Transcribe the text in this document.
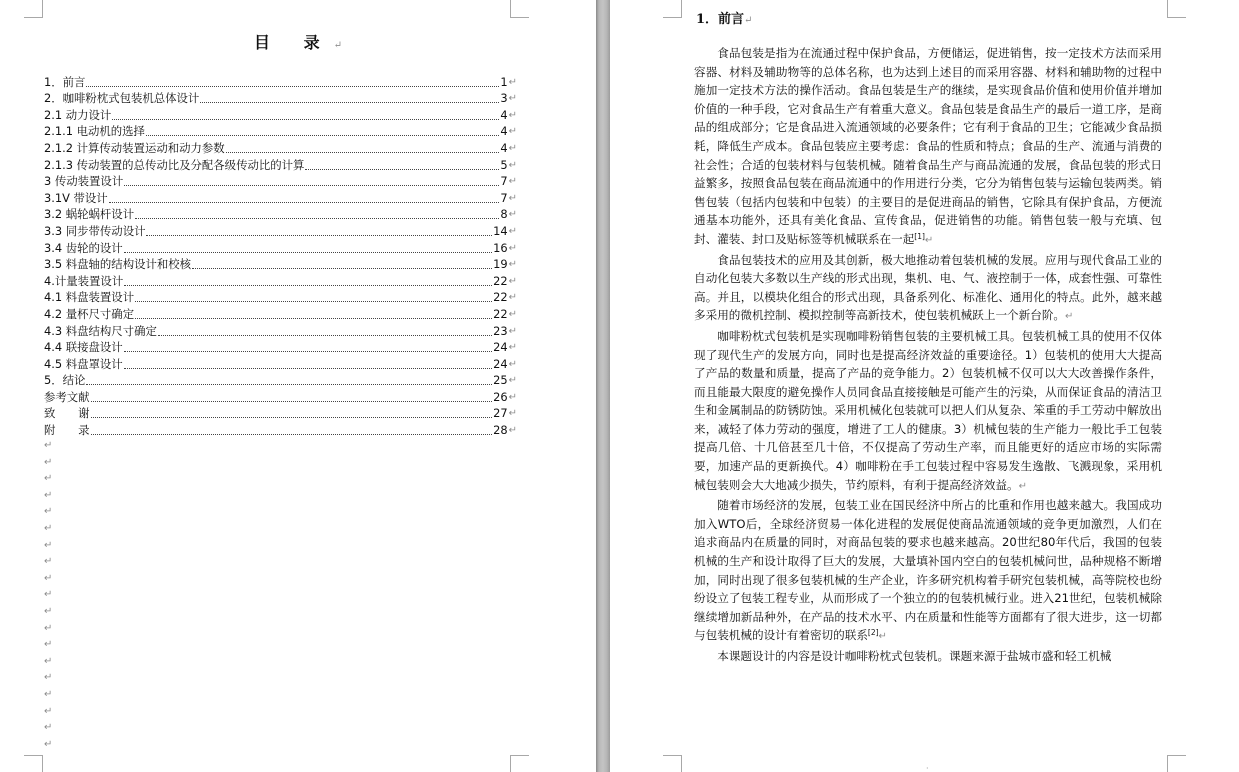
目 录↵
1．前言	1 ↵
2．咖啡粉枕式包装机总体设计	3 ↵
2.1 动力设计	4 ↵
2.1.1 电动机的选择	4 ↵
2.1.2 计算传动装置运动和动力参数	4 ↵
2.1.3 传动装置的总传动比及分配各级传动比的计算	5 ↵
3 传动装置设计	7 ↵
3.1V 带设计	7 ↵
3.2 蜗轮蜗杆设计	8 ↵
3.3 同步带传动设计	14 ↵
3.4 齿轮的设计	16 ↵
3.5 料盘轴的结构设计和校核	19 ↵
4.计量装置设计	22 ↵
4.1 料盘装置设计	22 ↵
4.2 量杯尺寸确定	22 ↵
4.3 料盘结构尺寸确定	23 ↵
4.4 联接盘设计	24 ↵
4.5 料盘罩设计	24 ↵
5．结论	25 ↵
参考文献	26 ↵
致　　谢	27 ↵
附　　录	28 ↵
↵
↵
↵
↵
↵
↵
↵
↵
↵
↵
↵
↵
↵
↵
↵
↵
↵
↵
↵
1．前言↵

食品包装是指为在流通过程中保护食品，方便储运，促进销售，按一定技术方法而采用容器、材料及辅助物等的总体名称，也为达到上述目的而采用容器、材料和辅助物的过程中施加一定技术方法的操作活动。食品包装是生产的继续，是实现食品价值和使用价值并增加价值的一种手段，它对食品生产有着重大意义。食品包装是食品生产的最后一道工序，是商品的组成部分；它是食品进入流通领域的必要条件；它有利于食品的卫生；它能减少食品损耗，降低生产成本。食品包装应主要考虑：食品的性质和特点；食品的生产、流通与消费的社会性；合适的包装材料与包装机械。随着食品生产与商品流通的发展，食品包装的形式日益繁多，按照食品包装在商品流通中的作用进行分类，它分为销售包装与运输包装两类。销售包装（包括内包装和中包装）的主要目的是促进商品的销售，它除具有保护食品，方便流通基本功能外，还具有美化食品、宣传食品，促进销售的功能。销售包装一般与充填、包封、灌装、封口及贴标签等机械联系在一起[1]↵

食品包装技术的应用及其创新，极大地推动着包装机械的发展。应用与现代食品工业的自动化包装大多数以生产线的形式出现，集机、电、气、液控制于一体，成套性强、可靠性高。并且，以模块化组合的形式出现，具备系列化、标准化、通用化的特点。此外，越来越多采用的微机控制、模拟控制等高新技术，使包装机械跃上一个新台阶。↵

咖啡粉枕式包装机是实现咖啡粉销售包装的主要机械工具。包装机械工具的使用不仅体现了现代生产的发展方向，同时也是提高经济效益的重要途径。1）包装机的使用大大提高了产品的数量和质量，提高了产品的竞争能力。2）包装机械不仅可以大大改善操作条件，而且能最大限度的避免操作人员同食品直接接触是可能产生的污染，从而保证食品的清洁卫生和金属制品的防锈防蚀。采用机械化包装就可以把人们从复杂、笨重的手工劳动中解放出来，减轻了体力劳动的强度，增进了工人的健康。3）机械包装的生产能力一般比手工包装提高几倍、十几倍甚至几十倍，不仅提高了劳动生产率，而且能更好的适应市场的实际需要，加速产品的更新换代。4）咖啡粉在手工包装过程中容易发生逸散、飞溅现象，采用机械包装则会大大地减少损失，节约原料，有利于提高经济效益。↵

随着市场经济的发展，包装工业在国民经济中所占的比重和作用也越来越大。我国成功加入WTO后，全球经济贸易一体化进程的发展促使商品流通领域的竞争更加激烈，人们在追求商品内在质量的同时，对商品包装的要求也越来越高。20世纪80年代后，我国的包装机械的生产和设计取得了巨大的发展，大量填补国内空白的包装机械问世，品种规格不断增加，同时出现了很多包装机械的生产企业，许多研究机构着手研究包装机械，高等院校也纷纷设立了包装工程专业，从而形成了一个独立的的包装机械行业。进入21世纪，包装机械除继续增加新品种外，在产品的技术水平、内在质量和性能等方面都有了很大进步，这一切都与包装机械的设计有着密切的联系[2]↵

本课题设计的内容是设计咖啡粉枕式包装机。课题来源于盐城市盛和轻工机械

·
